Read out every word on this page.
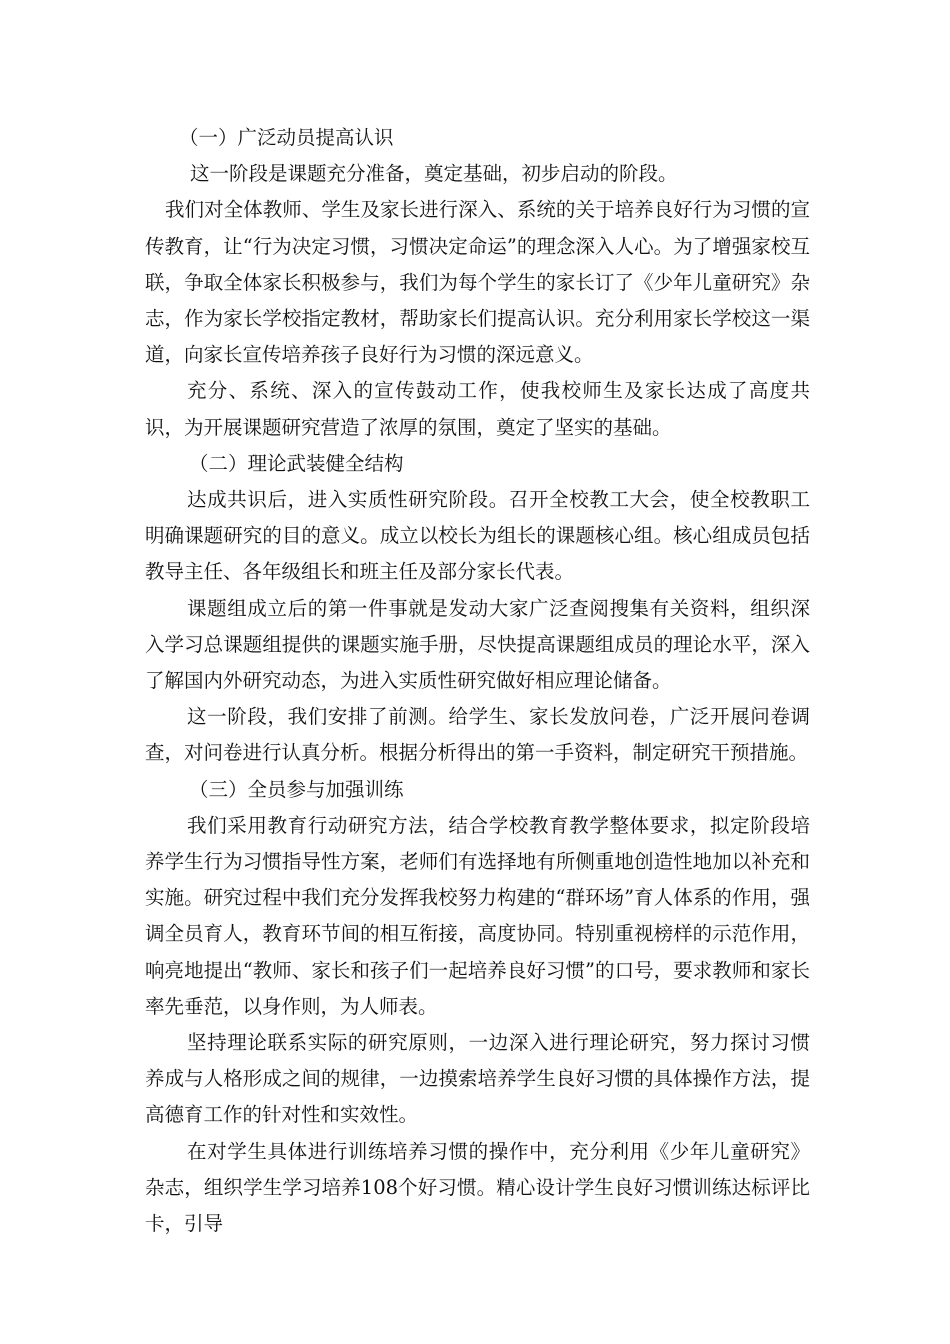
（一）广泛动员提高认识

这一阶段是课题充分准备，奠定基础，初步启动的阶段。

我们对全体教师、学生及家长进行深入、系统的关于培养良好行为习惯的宣传教育，让“行为决定习惯，习惯决定命运”的理念深入人心。为了增强家校互联，争取全体家长积极参与，我们为每个学生的家长订了《少年儿童研究》杂志，作为家长学校指定教材，帮助家长们提高认识。充分利用家长学校这一渠道，向家长宣传培养孩子良好行为习惯的深远意义。

充分、系统、深入的宣传鼓动工作，使我校师生及家长达成了高度共识，为开展课题研究营造了浓厚的氛围，奠定了坚实的基础。

（二）理论武装健全结构

达成共识后，进入实质性研究阶段。召开全校教工大会，使全校教职工明确课题研究的目的意义。成立以校长为组长的课题核心组。核心组成员包括教导主任、各年级组长和班主任及部分家长代表。

课题组成立后的第一件事就是发动大家广泛查阅搜集有关资料，组织深入学习总课题组提供的课题实施手册，尽快提高课题组成员的理论水平，深入了解国内外研究动态，为进入实质性研究做好相应理论储备。

这一阶段，我们安排了前测。给学生、家长发放问卷，广泛开展问卷调查，对问卷进行认真分析。根据分析得出的第一手资料，制定研究干预措施。

（三）全员参与加强训练

我们采用教育行动研究方法，结合学校教育教学整体要求，拟定阶段培养学生行为习惯指导性方案，老师们有选择地有所侧重地创造性地加以补充和实施。研究过程中我们充分发挥我校努力构建的“群环场”育人体系的作用，强调全员育人，教育环节间的相互衔接，高度协同。特别重视榜样的示范作用，响亮地提出“教师、家长和孩子们一起培养良好习惯”的口号，要求教师和家长率先垂范，以身作则，为人师表。

坚持理论联系实际的研究原则，一边深入进行理论研究，努力探讨习惯养成与人格形成之间的规律，一边摸索培养学生良好习惯的具体操作方法，提高德育工作的针对性和实效性。

在对学生具体进行训练培养习惯的操作中，充分利用《少年儿童研究》杂志，组织学生学习培养108个好习惯。精心设计学生良好习惯训练达标评比卡，引导
